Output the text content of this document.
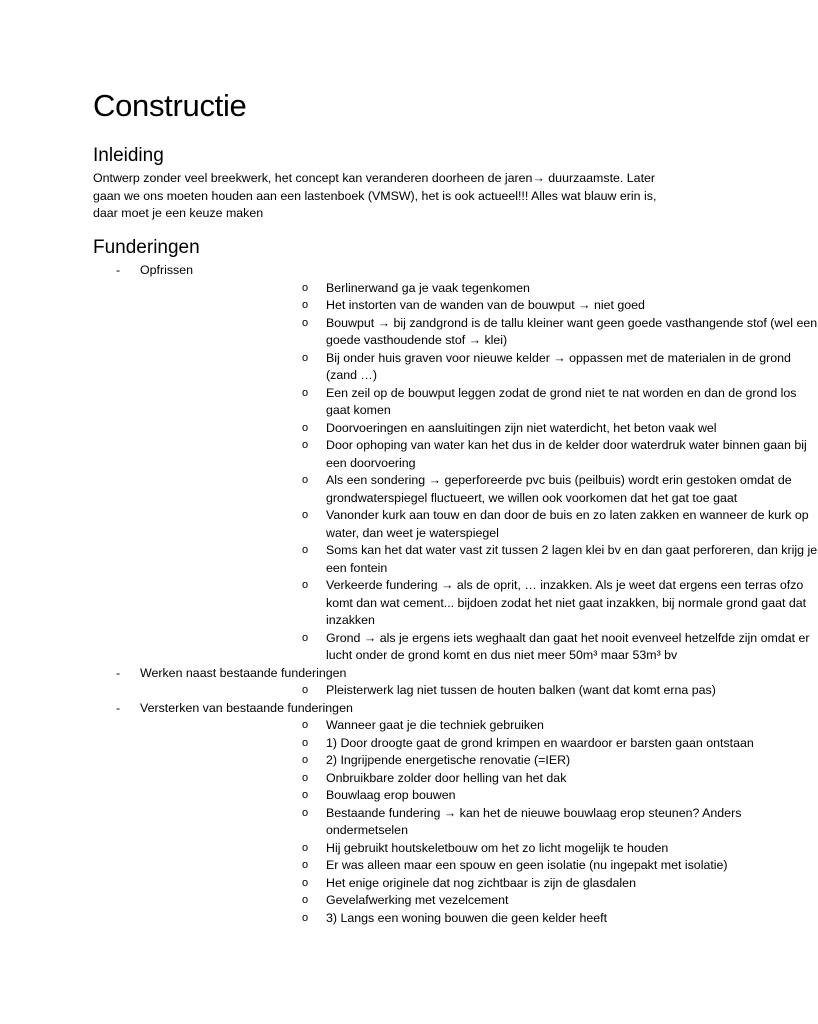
Constructie
Inleiding

Ontwerp zonder veel breekwerk, het concept kan veranderen doorheen de jaren→ duurzaamste. Later gaan we ons moeten houden aan een lastenboek (VMSW), het is ook actueel!!! Alles wat blauw erin is, daar moet je een keuze maken

Funderingen
- Opfrissen
o Berlinerwand ga je vaak tegenkomen
o Het instorten van de wanden van de bouwput → niet goed
o Bouwput → bij zandgrond is de tallu kleiner want geen goede vasthangende stof (wel een goede vasthoudende stof → klei)
o Bij onder huis graven voor nieuwe kelder → oppassen met de materialen in de grond (zand …)
o Een zeil op de bouwput leggen zodat de grond niet te nat worden en dan de grond los gaat komen
o Doorvoeringen en aansluitingen zijn niet waterdicht, het beton vaak wel
o Door ophoping van water kan het dus in de kelder door waterdruk water binnen gaan bij een doorvoering
o Als een sondering → geperforeerde pvc buis (peilbuis) wordt erin gestoken omdat de grondwaterspiegel fluctueert, we willen ook voorkomen dat het gat toe gaat
o Vanonder kurk aan touw en dan door de buis en zo laten zakken en wanneer de kurk op water, dan weet je waterspiegel
o Soms kan het dat water vast zit tussen 2 lagen klei bv en dan gaat perforeren, dan krijg je een fontein
o Verkeerde fundering → als de oprit, … inzakken. Als je weet dat ergens een terras ofzo komt dan wat cement... bijdoen zodat het niet gaat inzakken, bij normale grond gaat dat inzakken
o Grond → als je ergens iets weghaalt dan gaat het nooit evenveel hetzelfde zijn omdat er lucht onder de grond komt en dus niet meer 50m³ maar 53m³ bv
- Werken naast bestaande funderingen
o Pleisterwerk lag niet tussen de houten balken (want dat komt erna pas)
- Versterken van bestaande funderingen
o Wanneer gaat je die techniek gebruiken
o 1) Door droogte gaat de grond krimpen en waardoor er barsten gaan ontstaan
o 2) Ingrijpende energetische renovatie (=IER)
o Onbruikbare zolder door helling van het dak
o Bouwlaag erop bouwen
o Bestaande fundering → kan het de nieuwe bouwlaag erop steunen? Anders ondermetselen
o Hij gebruikt houtskeletbouw om het zo licht mogelijk te houden
o Er was alleen maar een spouw en geen isolatie (nu ingepakt met isolatie)
o Het enige originele dat nog zichtbaar is zijn de glasdalen
o Gevelafwerking met vezelcement
o 3) Langs een woning bouwen die geen kelder heeft
